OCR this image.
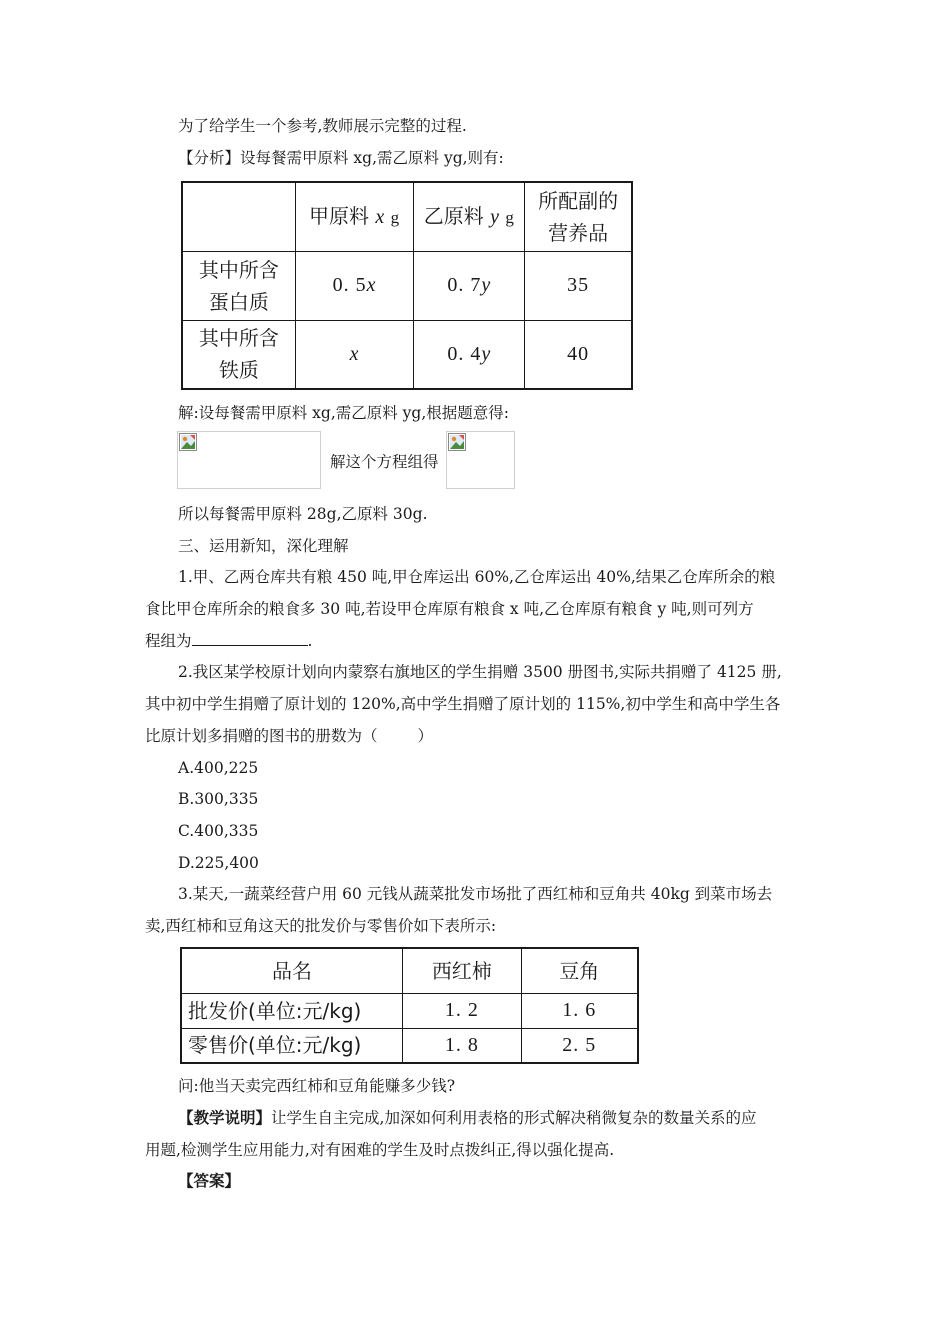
为了给学生一个参考,教师展示完整的过程.
【分析】设每餐需甲原料 xg,需乙原料 yg,则有:
	甲原料 x g	乙原料 y g	所配副的
营养品

其中所含
蛋白质	0. 5x	0. 7y	35

其中所含
铁质	x	0. 4y	40
解:设每餐需甲原料 xg,需乙原料 yg,根据题意得:
解这个方程组得
所以每餐需甲原料 28g,乙原料 30g.
三、运用新知，深化理解
1.甲、乙两仓库共有粮 450 吨,甲仓库运出 60%,乙仓库运出 40%,结果乙仓库所余的粮
食比甲仓库所余的粮食多 30 吨,若设甲仓库原有粮食 x 吨,乙仓库原有粮食 y 吨,则可列方
程组为	.
2.我区某学校原计划向内蒙察右旗地区的学生捐赠 3500 册图书,实际共捐赠了 4125 册,
其中初中学生捐赠了原计划的 120%,高中学生捐赠了原计划的 115%,初中学生和高中学生各
比原计划多捐赠的图书的册数为（	）
A.400,225
B.300,335
C.400,335
D.225,400
3.某天,一蔬菜经营户用 60 元钱从蔬菜批发市场批了西红柿和豆角共 40kg 到菜市场去
卖,西红柿和豆角这天的批发价与零售价如下表所示:
品名	西红柿	豆角
批发价(单位:元/kg)	1. 2	1. 6
零售价(单位:元/kg)	1. 8	2. 5
问:他当天卖完西红柿和豆角能赚多少钱?
【教学说明】让学生自主完成,加深如何利用表格的形式解决稍微复杂的数量关系的应
用题,检测学生应用能力,对有困难的学生及时点拨纠正,得以强化提高.
【答案】
